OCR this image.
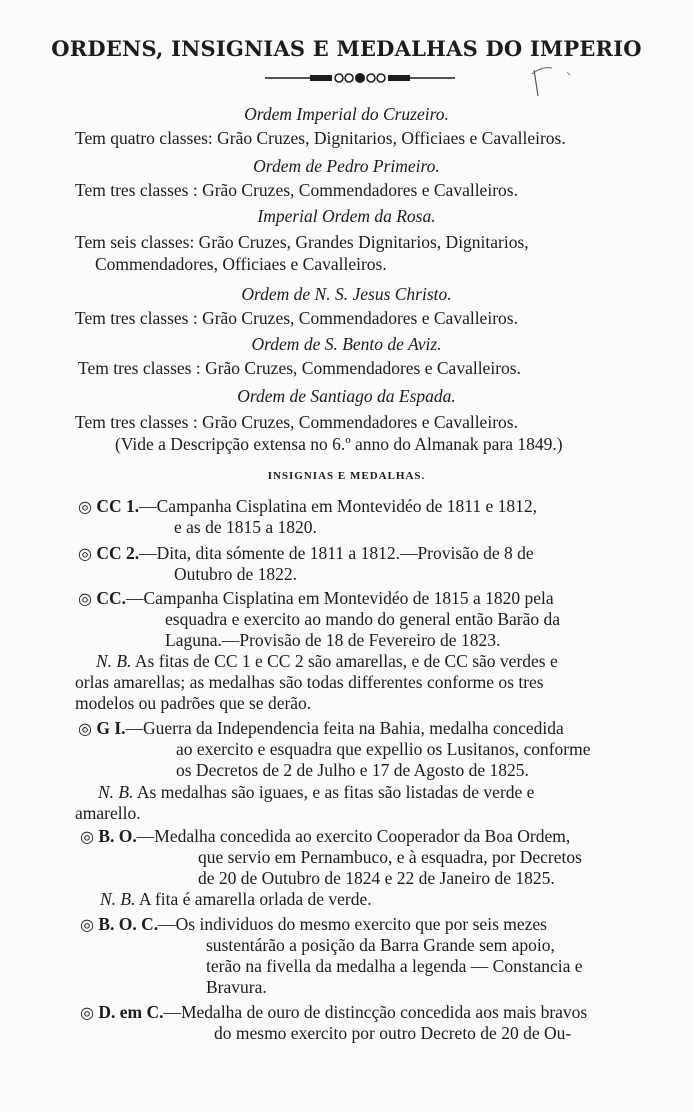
ORDENS, INSIGNIAS E MEDALHAS DO IMPERIO
Ordem Imperial do Cruzeiro.
Tem quatro classes: Grão Cruzes, Dignitarios, Officiaes e Cavalleiros.
Ordem de Pedro Primeiro.
Tem tres classes : Grão Cruzes, Commendadores e Cavalleiros.
Imperial Ordem da Rosa.
Tem seis classes: Grão Cruzes, Grandes Dignitarios, Dignitarios,
Commendadores, Officiaes e Cavalleiros.
Ordem de N. S. Jesus Christo.
Tem tres classes : Grão Cruzes, Commendadores e Cavalleiros.
Ordem de S. Bento de Aviz.
Tem tres classes : Grão Cruzes, Commendadores e Cavalleiros.
Ordem de Santiago da Espada.
Tem tres classes : Grão Cruzes, Commendadores e Cavalleiros.
(Vide a Descripção extensa no 6.º anno do Almanak para 1849.)
INSIGNIAS E MEDALHAS.
◎ CC 1.—Campanha Cisplatina em Montevidéo de 1811 e 1812,
e as de 1815 a 1820.
◎ CC 2.—Dita, dita sómente de 1811 a 1812.—Provisão de 8 de
Outubro de 1822.
◎ CC.—Campanha Cisplatina em Montevidéo de 1815 a 1820 pela
esquadra e exercito ao mando do general então Barão da
Laguna.—Provisão de 18 de Fevereiro de 1823.
N. B. As fitas de CC 1 e CC 2 são amarellas, e de CC são verdes e
orlas amarellas; as medalhas são todas differentes conforme os tres
modelos ou padrões que se derão.
◎ G I.—Guerra da Independencia feita na Bahia, medalha concedida
ao exercito e esquadra que expellio os Lusitanos, conforme
os Decretos de 2 de Julho e 17 de Agosto de 1825.
N. B. As medalhas são iguaes, e as fitas são listadas de verde e
amarello.
◎ B. O.—Medalha concedida ao exercito Cooperador da Boa Ordem,
que servio em Pernambuco, e à esquadra, por Decretos
de 20 de Outubro de 1824 e 22 de Janeiro de 1825.
N. B. A fita é amarella orlada de verde.
◎ B. O. C.—Os individuos do mesmo exercito que por seis mezes
sustentárão a posição da Barra Grande sem apoio,
terão na fivella da medalha a legenda — Constancia e
Bravura.
◎ D. em C.—Medalha de ouro de distincção concedida aos mais bravos
do mesmo exercito por outro Decreto de 20 de Ou-
